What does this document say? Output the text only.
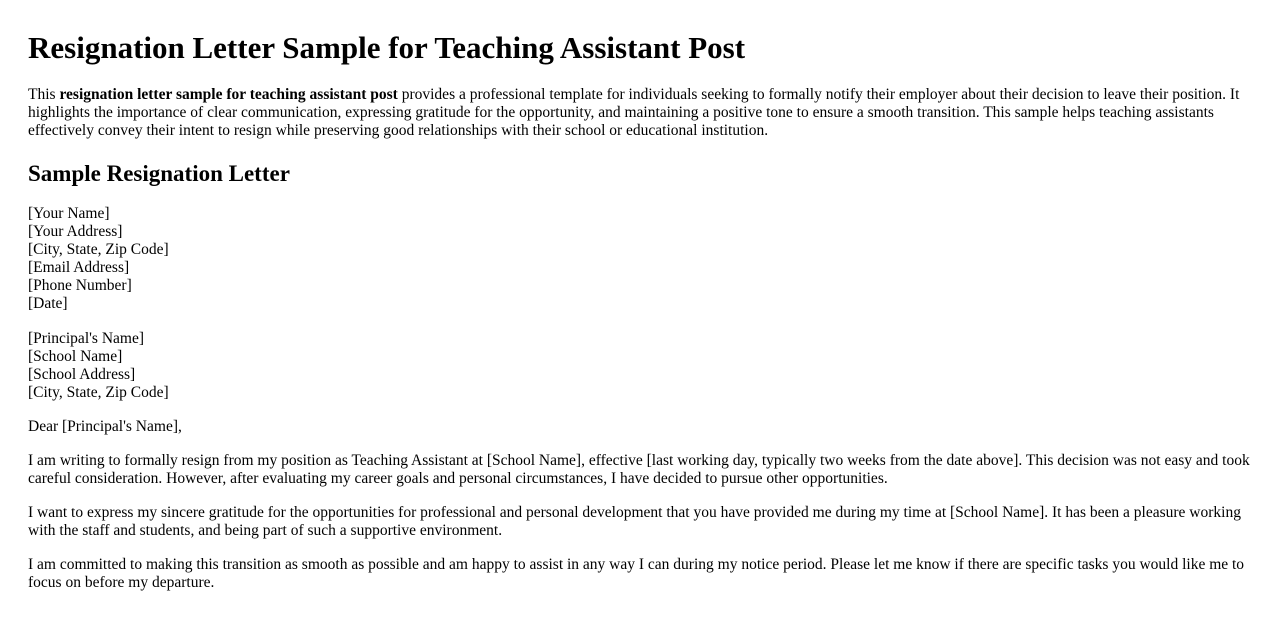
Resignation Letter Sample for Teaching Assistant Post

This resignation letter sample for teaching assistant post provides a professional template for individuals seeking to formally notify their employer about their decision to leave their position. It highlights the importance of clear communication, expressing gratitude for the opportunity, and maintaining a positive tone to ensure a smooth transition. This sample helps teaching assistants effectively convey their intent to resign while preserving good relationships with their school or educational institution.

Sample Resignation Letter
[Your Name]
[Your Address]
[City, State, Zip Code]
[Email Address]
[Phone Number]
[Date]
[Principal's Name]
[School Name]
[School Address]
[City, State, Zip Code]

Dear [Principal's Name],

I am writing to formally resign from my position as Teaching Assistant at [School Name], effective [last working day, typically two weeks from the date above]. This decision was not easy and took careful consideration. However, after evaluating my career goals and personal circumstances, I have decided to pursue other opportunities.

I want to express my sincere gratitude for the opportunities for professional and personal development that you have provided me during my time at [School Name]. It has been a pleasure working with the staff and students, and being part of such a supportive environment.

I am committed to making this transition as smooth as possible and am happy to assist in any way I can during my notice period. Please let me know if there are specific tasks you would like me to focus on before my departure.
